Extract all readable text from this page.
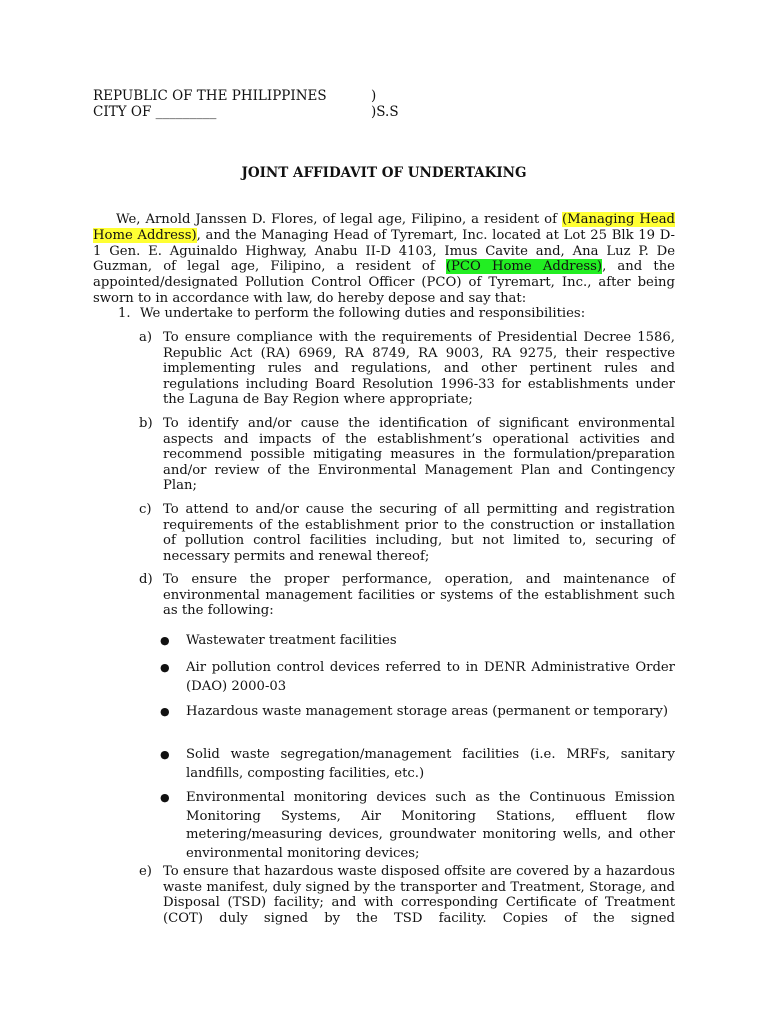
REPUBLIC OF THE PHILIPPINES	)
CITY OF _________	)S.S
JOINT AFFIDAVIT OF UNDERTAKING
We, Arnold Janssen D. Flores, of legal age, Filipino, a resident of (Managing Head Home Address), and the Managing Head of Tyremart, Inc. located at Lot 25 Blk 19 D-1 Gen. E. Aguinaldo Highway, Anabu II-D 4103, Imus Cavite and, Ana Luz P. De Guzman, of legal age, Filipino, a resident of (PCO Home Address), and the appointed/designated Pollution Control Officer (PCO) of Tyremart, Inc., after being sworn to in accordance with law, do hereby depose and say that:
1. We undertake to perform the following duties and responsibilities:
a) To ensure compliance with the requirements of Presidential Decree 1586, Republic Act (RA) 6969, RA 8749, RA 9003, RA 9275, their respective implementing rules and regulations, and other pertinent rules and regulations including Board Resolution 1996-33 for establishments under the Laguna de Bay Region where appropriate;
b) To identify and/or cause the identification of significant environmental aspects and impacts of the establishment’s operational activities and recommend possible mitigating measures in the formulation/preparation and/or review of the Environmental Management Plan and Contingency Plan;
c) To attend to and/or cause the securing of all permitting and registration requirements of the establishment prior to the construction or installation of pollution control facilities including, but not limited to, securing of necessary permits and renewal thereof;
d) To ensure the proper performance, operation, and maintenance of environmental management facilities or systems of the establishment such as the following:
● Wastewater treatment facilities
● Air pollution control devices referred to in DENR Administrative Order (DAO) 2000-03
● Hazardous waste management storage areas (permanent or temporary)
● Solid waste segregation/management facilities (i.e. MRFs, sanitary landfills, composting facilities, etc.)
● Environmental monitoring devices such as the Continuous Emission Monitoring Systems, Air Monitoring Stations, effluent flow metering/measuring devices, groundwater monitoring wells, and other environmental monitoring devices;
e) To ensure that hazardous waste disposed offsite are covered by a hazardous waste manifest, duly signed by the transporter and Treatment, Storage, and Disposal (TSD) facility; and with corresponding Certificate of Treatment (COT) duly signed by the TSD facility. Copies of the signed
